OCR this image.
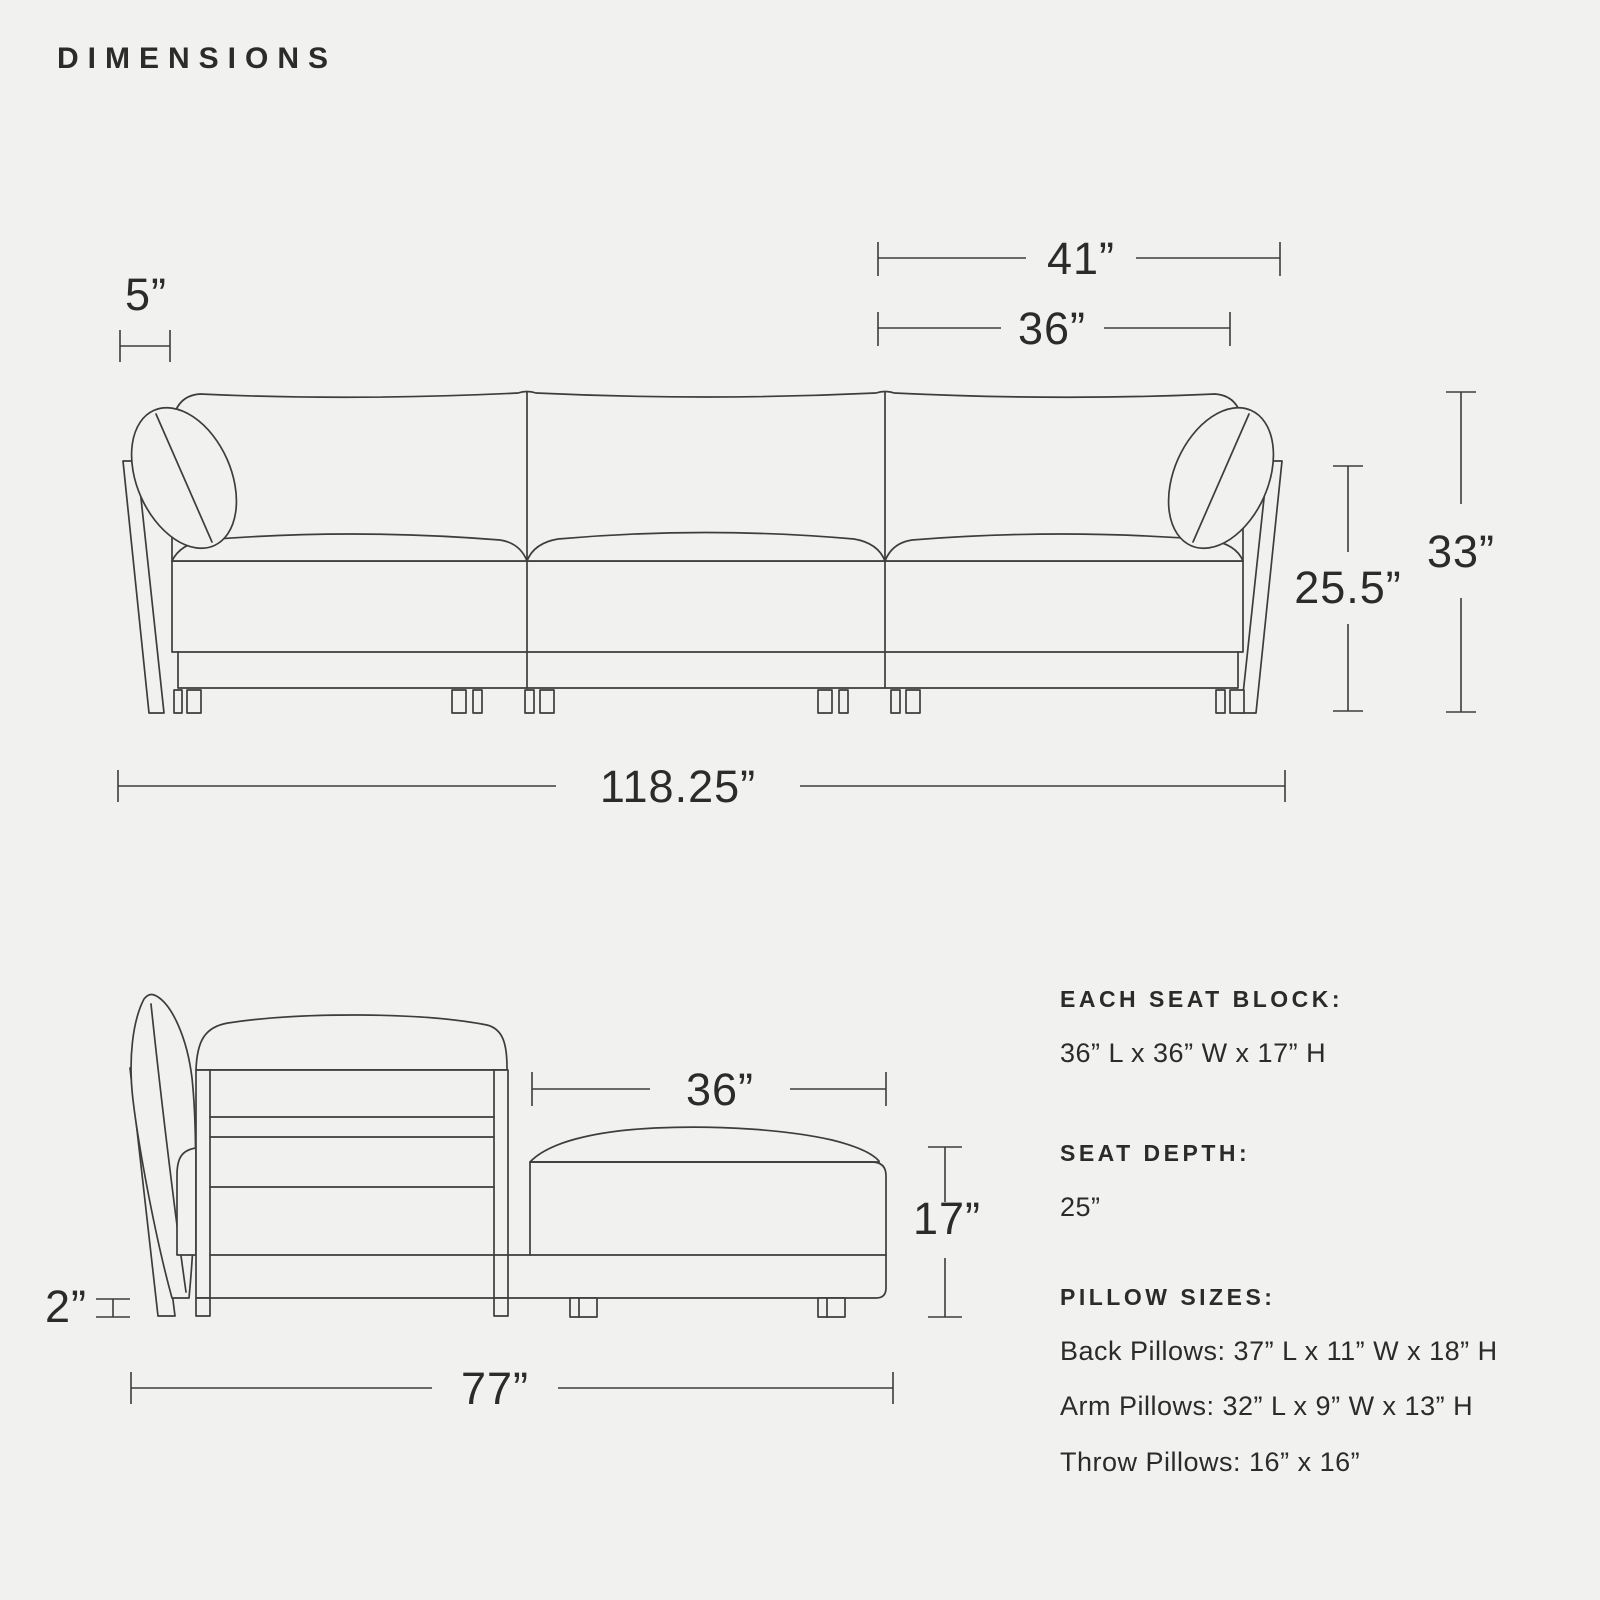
DIMENSIONS
5”
41”
36”
25.5”
33”
118.25”
36”
17”
2”
77”
EACH SEAT BLOCK:
36” L x 36” W x 17” H
SEAT DEPTH:
25”
PILLOW SIZES:
Back Pillows: 37” L x 11” W x 18” H
Arm Pillows: 32” L x 9” W x 13” H
Throw Pillows: 16” x 16”
